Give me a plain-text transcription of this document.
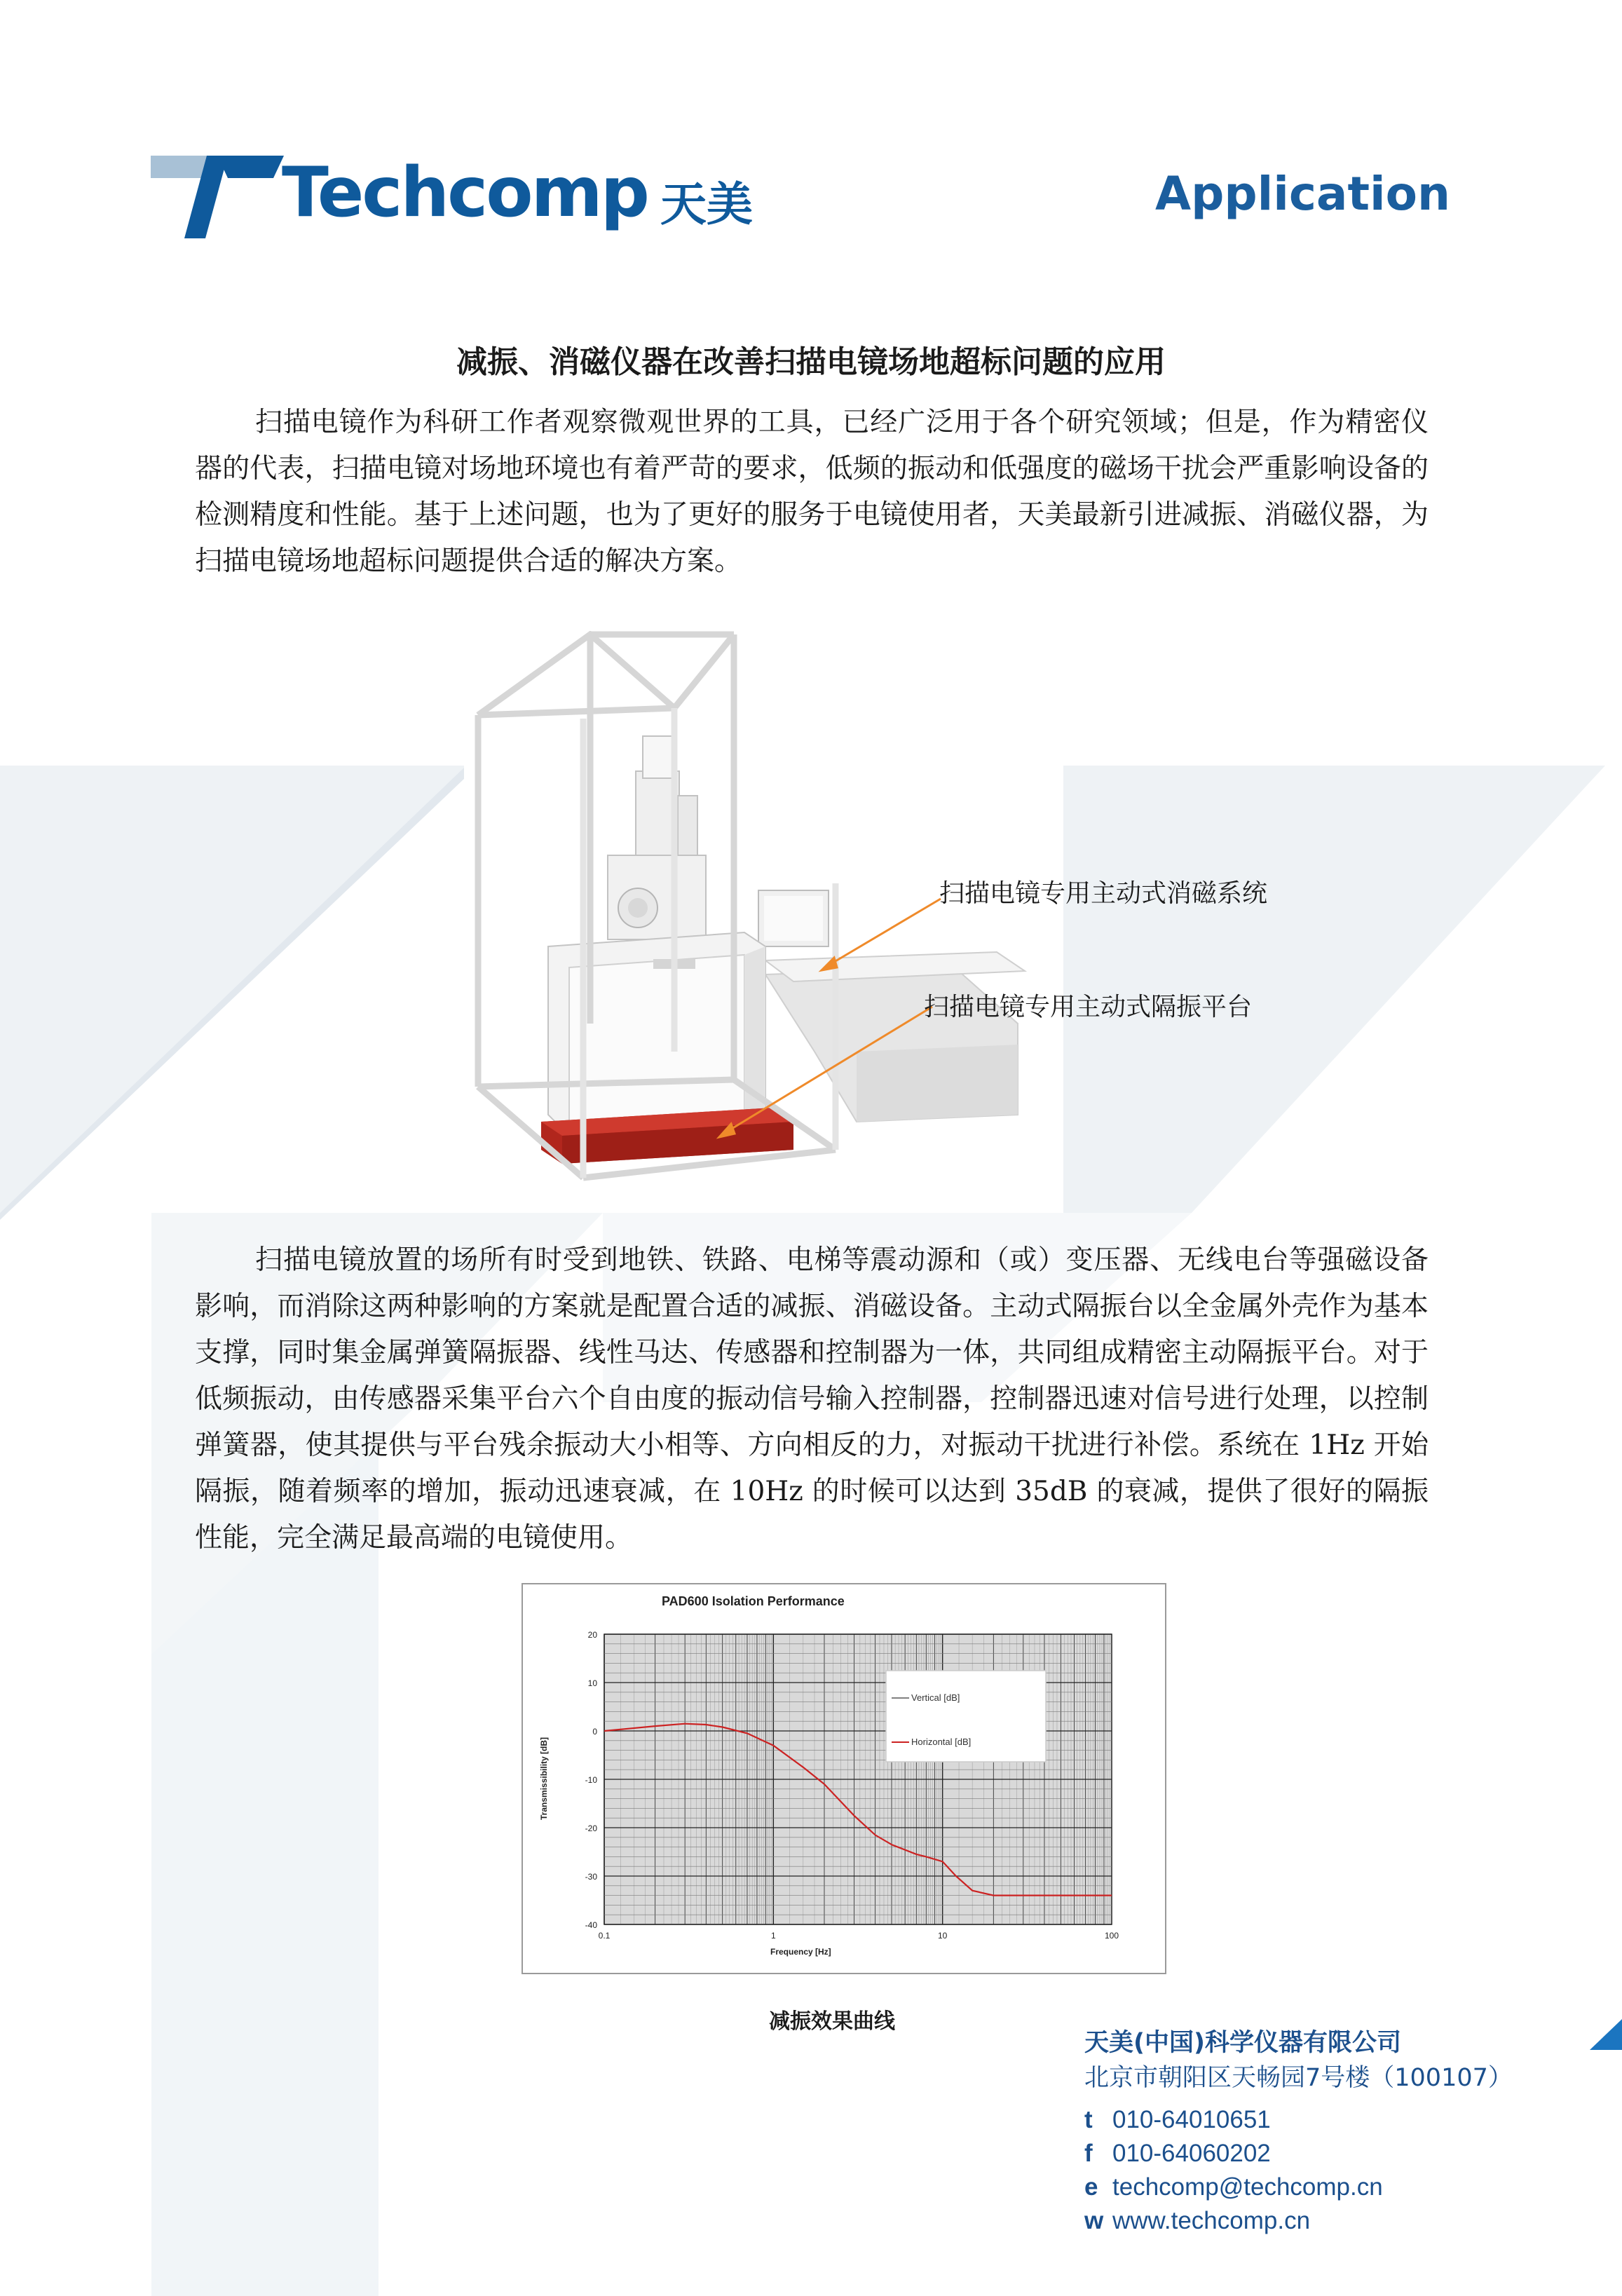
Techcomp 天美	Application
减振、消磁仪器在改善扫描电镜场地超标问题的应用

扫描电镜作为科研工作者观察微观世界的工具，已经广泛用于各个研究领域；但是，作为精密仪器的代表，扫描电镜对场地环境也有着严苛的要求，低频的振动和低强度的磁场干扰会严重影响设备的检测精度和性能。基于上述问题，也为了更好的服务于电镜使用者，天美最新引进减振、消磁仪器，为扫描电镜场地超标问题提供合适的解决方案。

扫描电镜专用主动式消磁系统
扫描电镜专用主动式隔振平台

扫描电镜放置的场所有时受到地铁、铁路、电梯等震动源和（或）变压器、无线电台等强磁设备影响，而消除这两种影响的方案就是配置合适的减振、消磁设备。主动式隔振台以全金属外壳作为基本支撑，同时集金属弹簧隔振器、线性马达、传感器和控制器为一体，共同组成精密主动隔振平台。对于低频振动，由传感器采集平台六个自由度的振动信号输入控制器，控制器迅速对信号进行处理，以控制弹簧器，使其提供与平台残余振动大小相等、方向相反的力，对振动干扰进行补偿。系统在 1Hz 开始隔振，随着频率的增加，振动迅速衰减，在 10Hz 的时候可以达到 35dB 的衰减，提供了很好的隔振性能，完全满足最高端的电镜使用。

PAD600 Isolation Performance
20
10
0
-10
-20
-30
-40
0.1	1	10	100
Frequency [Hz]
Transmissibility [dB]
Vertical [dB]
Horizontal [dB]
减振效果曲线
天美(中国)科学仪器有限公司
北京市朝阳区天畅园7号楼（100107）
t 010-64010651
f 010-64060202
e techcomp@techcomp.cn
w www.techcomp.cn
